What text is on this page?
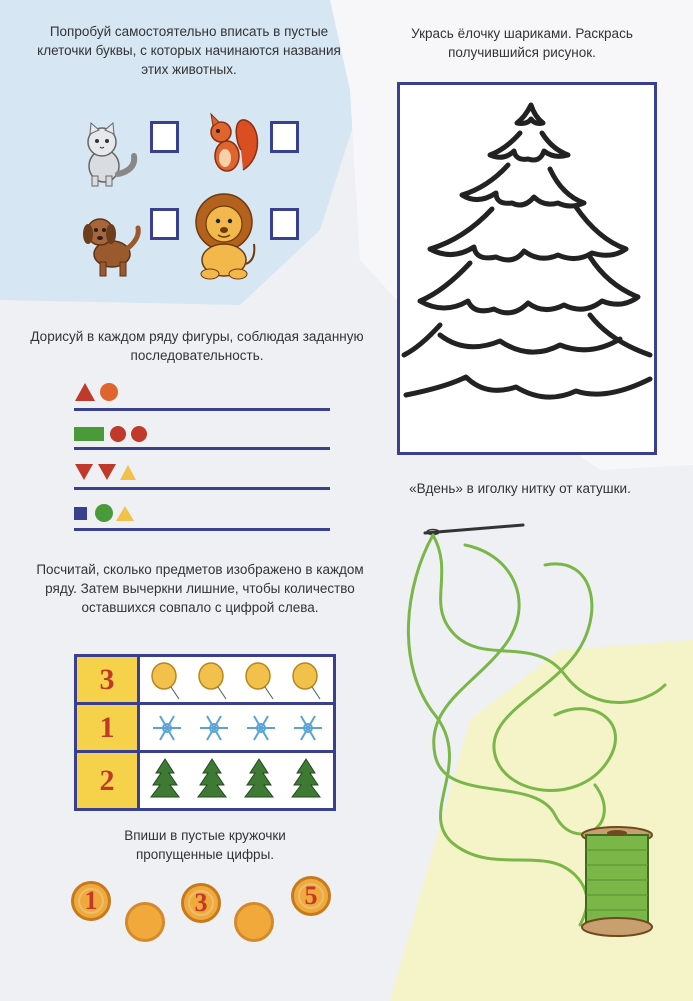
Попробуй самостоятельно вписать в пустые клеточки буквы, с которых начинаются названия этих животных.
Дорисуй в каждом ряду фигуры, соблюдая заданную последовательность.
Посчитай, сколько предметов изображено в каждом ряду. Затем вычеркни лишние, чтобы количество оставшихся совпало с цифрой слева.
3
1
2
Впиши в пустые кружочки пропущенные цифры.
1	3	5
Укрась ёлочку шариками. Раскрась получившийся рисунок.
«Вдень» в иголку нитку от катушки.
